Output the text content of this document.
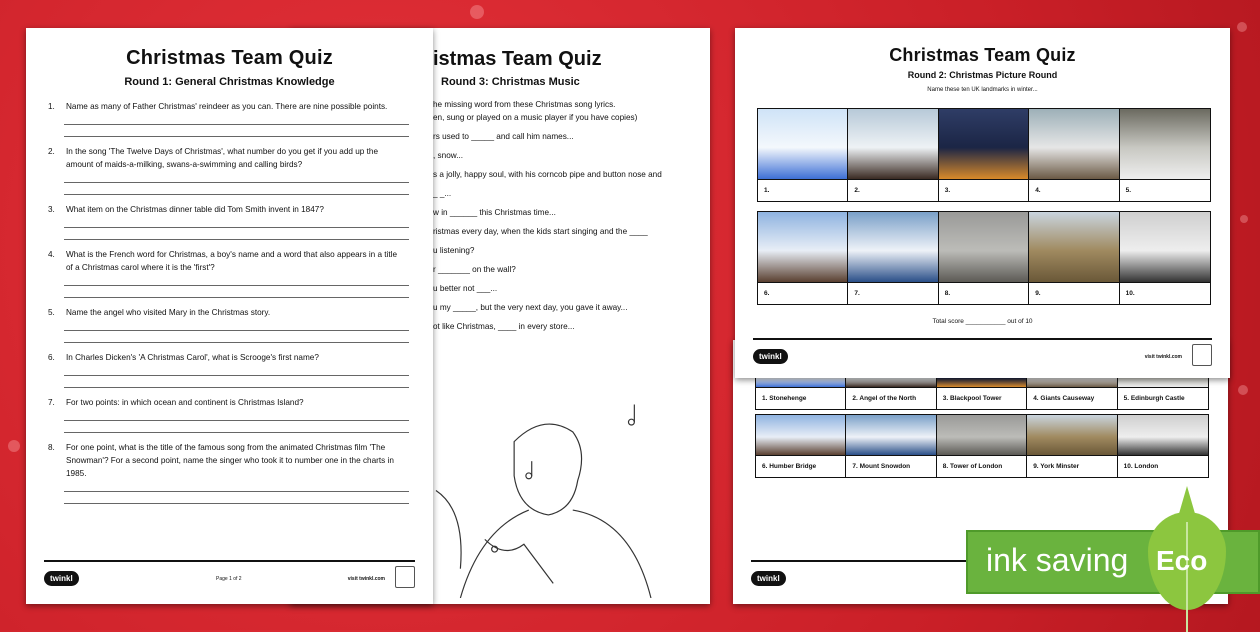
istmas Team Quiz
Round 3: Christmas Music
he missing word from these Christmas song lyrics.
en, sung or played on a music player if you have copies)
rs used to _____ and call him names...
, snow...
s a jolly, happy soul, with his corncob pipe and button nose and
_ _...
w in ______ this Christmas time...
ristmas every day, when the kids start singing and the ____
u listening?
r _______ on the wall?
u better not ___...
u my _____, but the very next day, you gave it away...
ot like Christmas, ____ in every store...
Christmas Team Quiz
Round 1: General Christmas Knowledge
1. Name as many of Father Christmas' reindeer as you can. There are nine possible points.
2. In the song 'The Twelve Days of Christmas', what number do you get if you add up the amount of maids-a-milking, swans-a-swimming and calling birds?
3. What item on the Christmas dinner table did Tom Smith invent in 1847?
4. What is the French word for Christmas, a boy's name and a word that also appears in a title of a Christmas carol where it is the 'first'?
5. Name the angel who visited Mary in the Christmas story.
6. In Charles Dicken's 'A Christmas Carol', what is Scrooge's first name?
7. For two points: in which ocean and continent is Christmas Island?
8. For one point, what is the title of the famous song from the animated Christmas film 'The Snowman'? For a second point, name the singer who took it to number one in the charts in 1985.
twinkl	Page 1 of 2	visit twinkl.com
1. Stonehenge	2. Angel of the North	3. Blackpool Tower	4. Giants Causeway	5. Edinburgh Castle
6. Humber Bridge	7. Mount Snowdon	8. Tower of London	9. York Minster	10. London
twinkl
Christmas Team Quiz
Round 2: Christmas Picture Round
Name these ten UK landmarks in winter...
1.	2.	3.	4.	5.
6.	7.	8.	9.	10.
Total score ___________ out of 10
twinkl	visit twinkl.com
ink saving Eco
